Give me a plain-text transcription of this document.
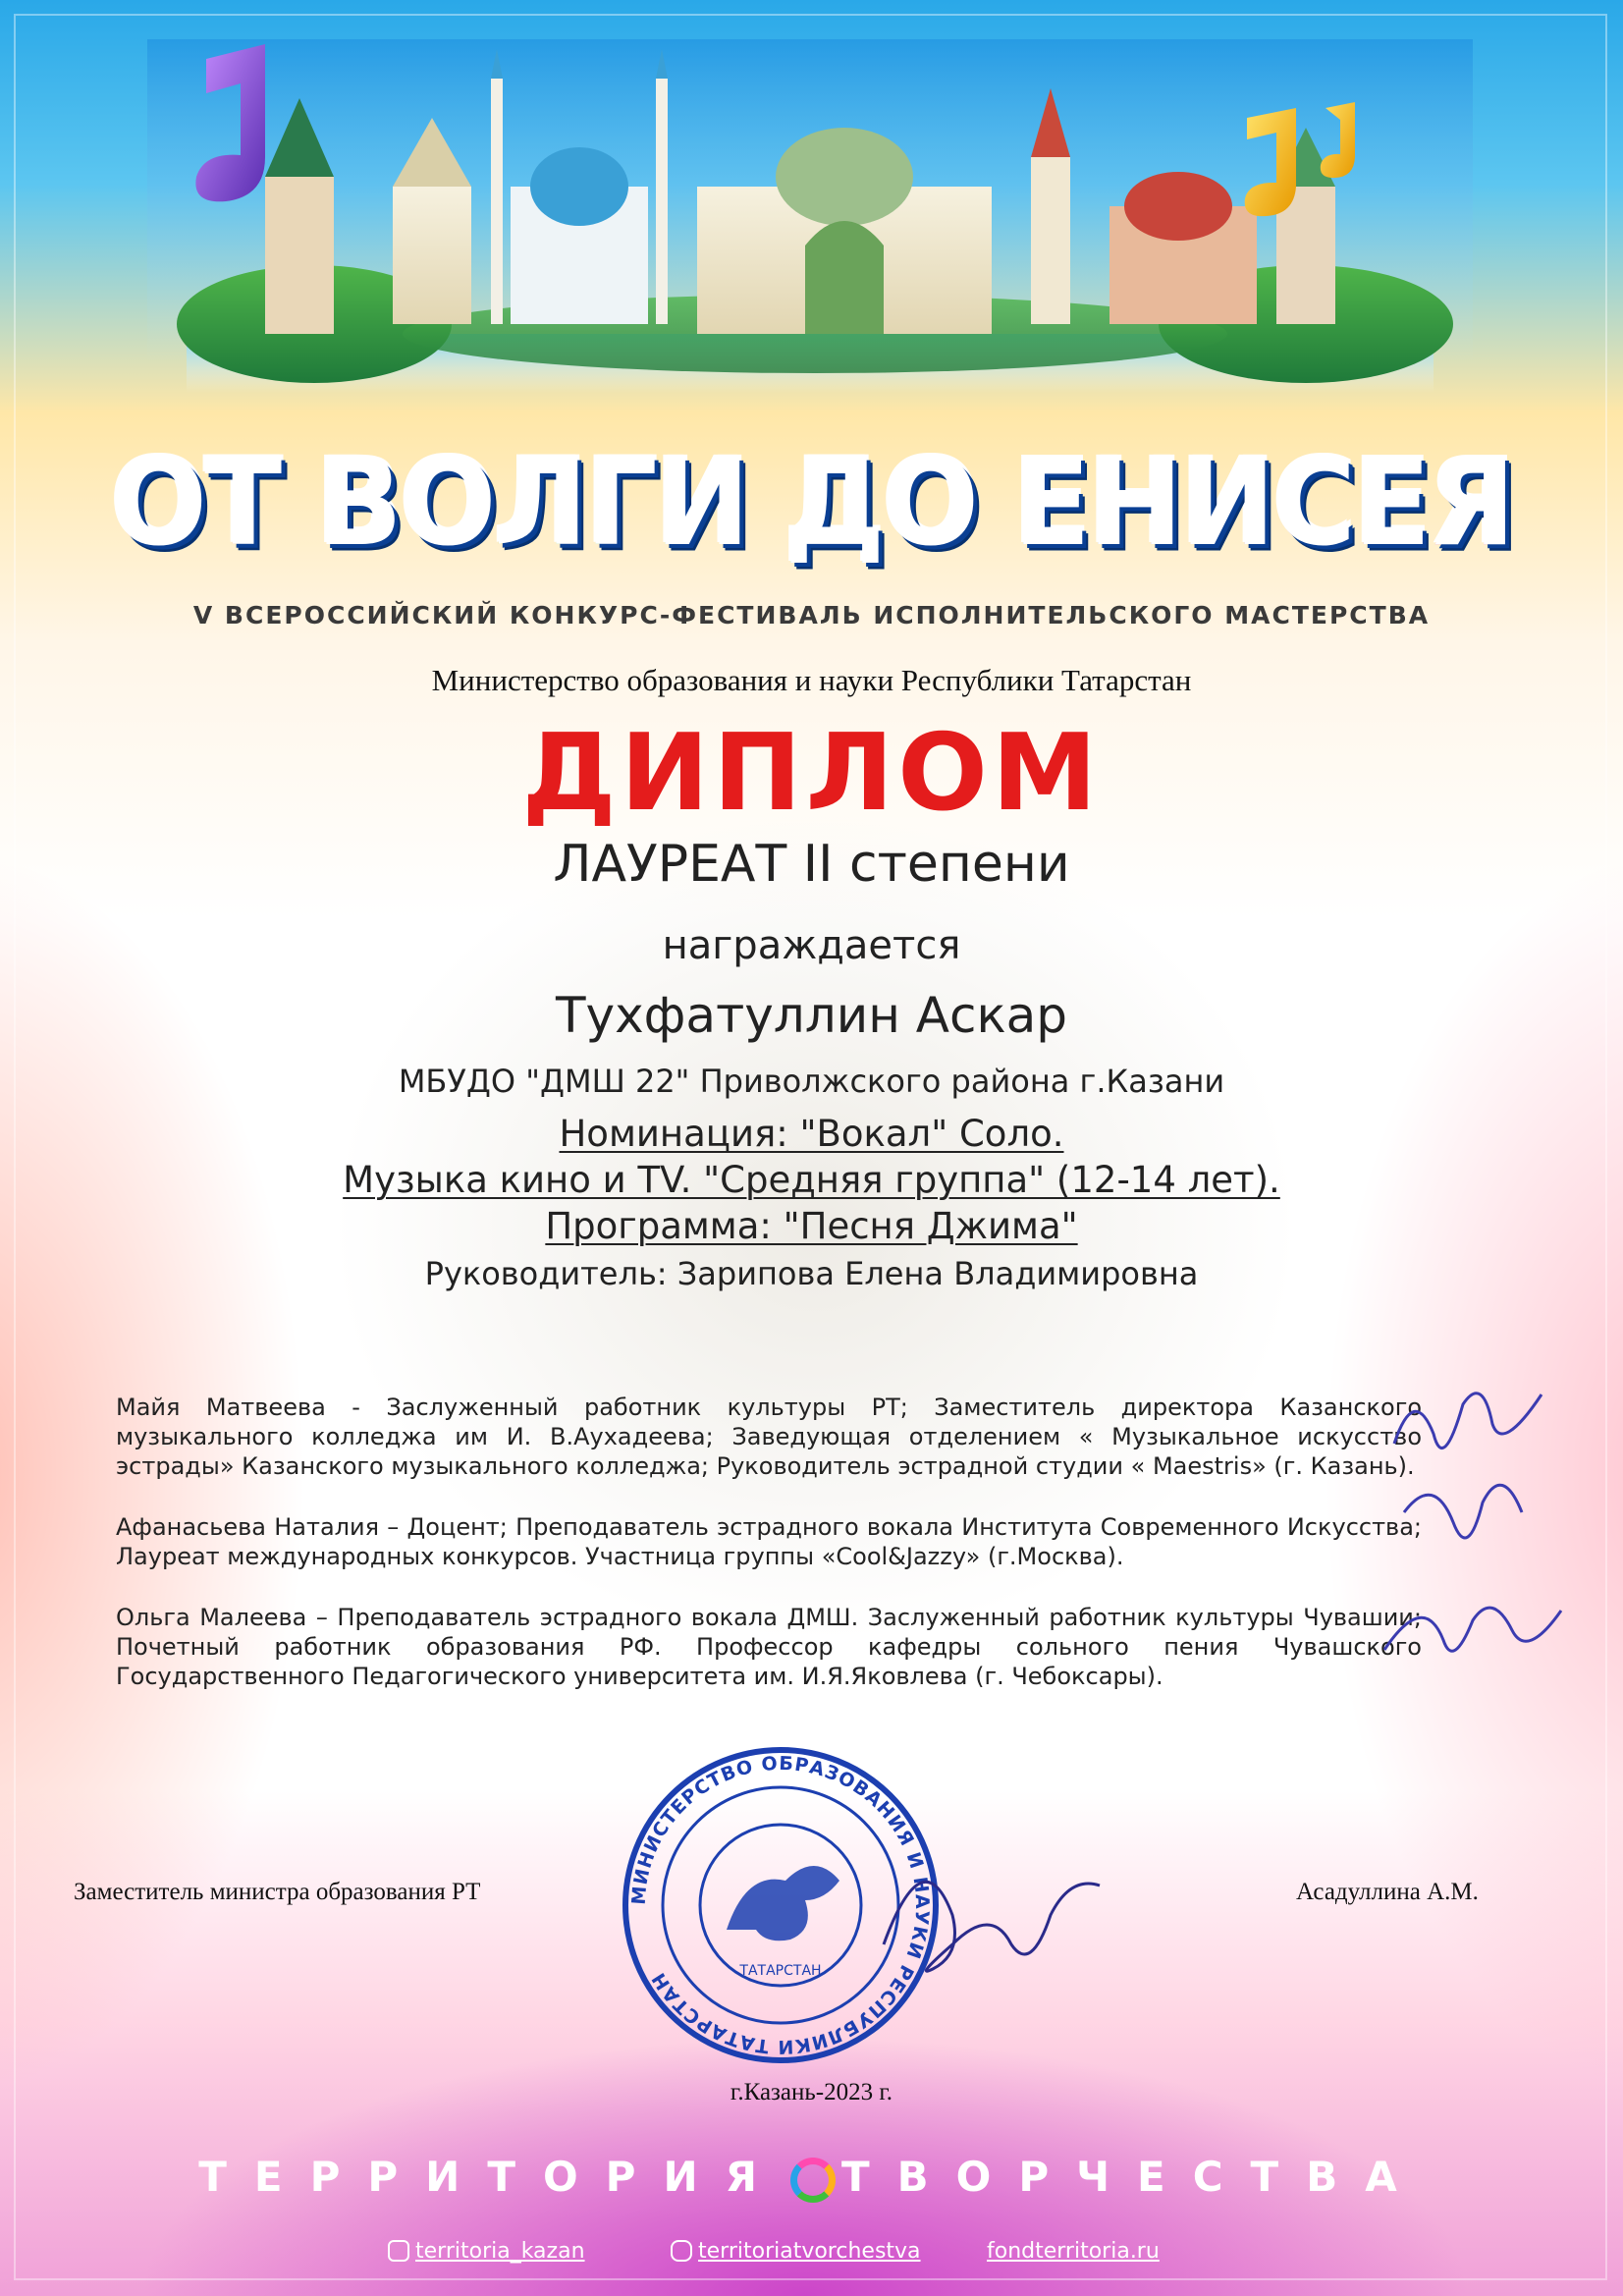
ОТ ВОЛГИ ДО ЕНИСЕЯ
V ВСЕРОССИЙСКИЙ КОНКУРС-ФЕСТИВАЛЬ ИСПОЛНИТЕЛЬСКОГО МАСТЕРСТВА
Министерство образования и науки Республики Татарстан
ДИПЛОМ
ЛАУРЕАТ II степени
награждается
Тухфатуллин Аскар
МБУДО "ДМШ 22" Приволжского района г.Казани
Номинация: "Вокал" Соло.
Музыка кино и TV. "Средняя группа" (12-14 лет).
Программа: "Песня Джима"
Руководитель: Зарипова Елена Владимировна
Майя Матвеева - Заслуженный работник культуры РТ; Заместитель директора Казанского музыкального колледжа им И. В.Аухадеева; Заведующая отделением « Музыкальное искусство эстрады» Казанского музыкального колледжа; Руководитель эстрадной студии « Maestris» (г. Казань).
Афанасьева Наталия – Доцент; Преподаватель эстрадного вокала Института Современного Искусства; Лауреат международных конкурсов. Участница группы «Cool&Jazzy» (г.Москва).
Ольга Малеева – Преподаватель эстрадного вокала ДМШ. Заслуженный работник культуры Чувашии; Почетный работник образования РФ. Профессор кафедры сольного пения Чувашского Государственного Педагогического университета им. И.Я.Яковлева (г. Чебоксары).
МИНИСТЕРСТВО ОБРАЗОВАНИЯ И НАУКИ РЕСПУБЛИКИ ТАТАРСТАН	ТАТАРСТАН
Заместитель министра образования РТ	Асадуллина А.М.
г.Казань-2023 г.
ТЕРРИТОРИЯ ТВОРЧЕСТВА
territoria_kazan	territoriatvorchestva	fondterritoria.ru
